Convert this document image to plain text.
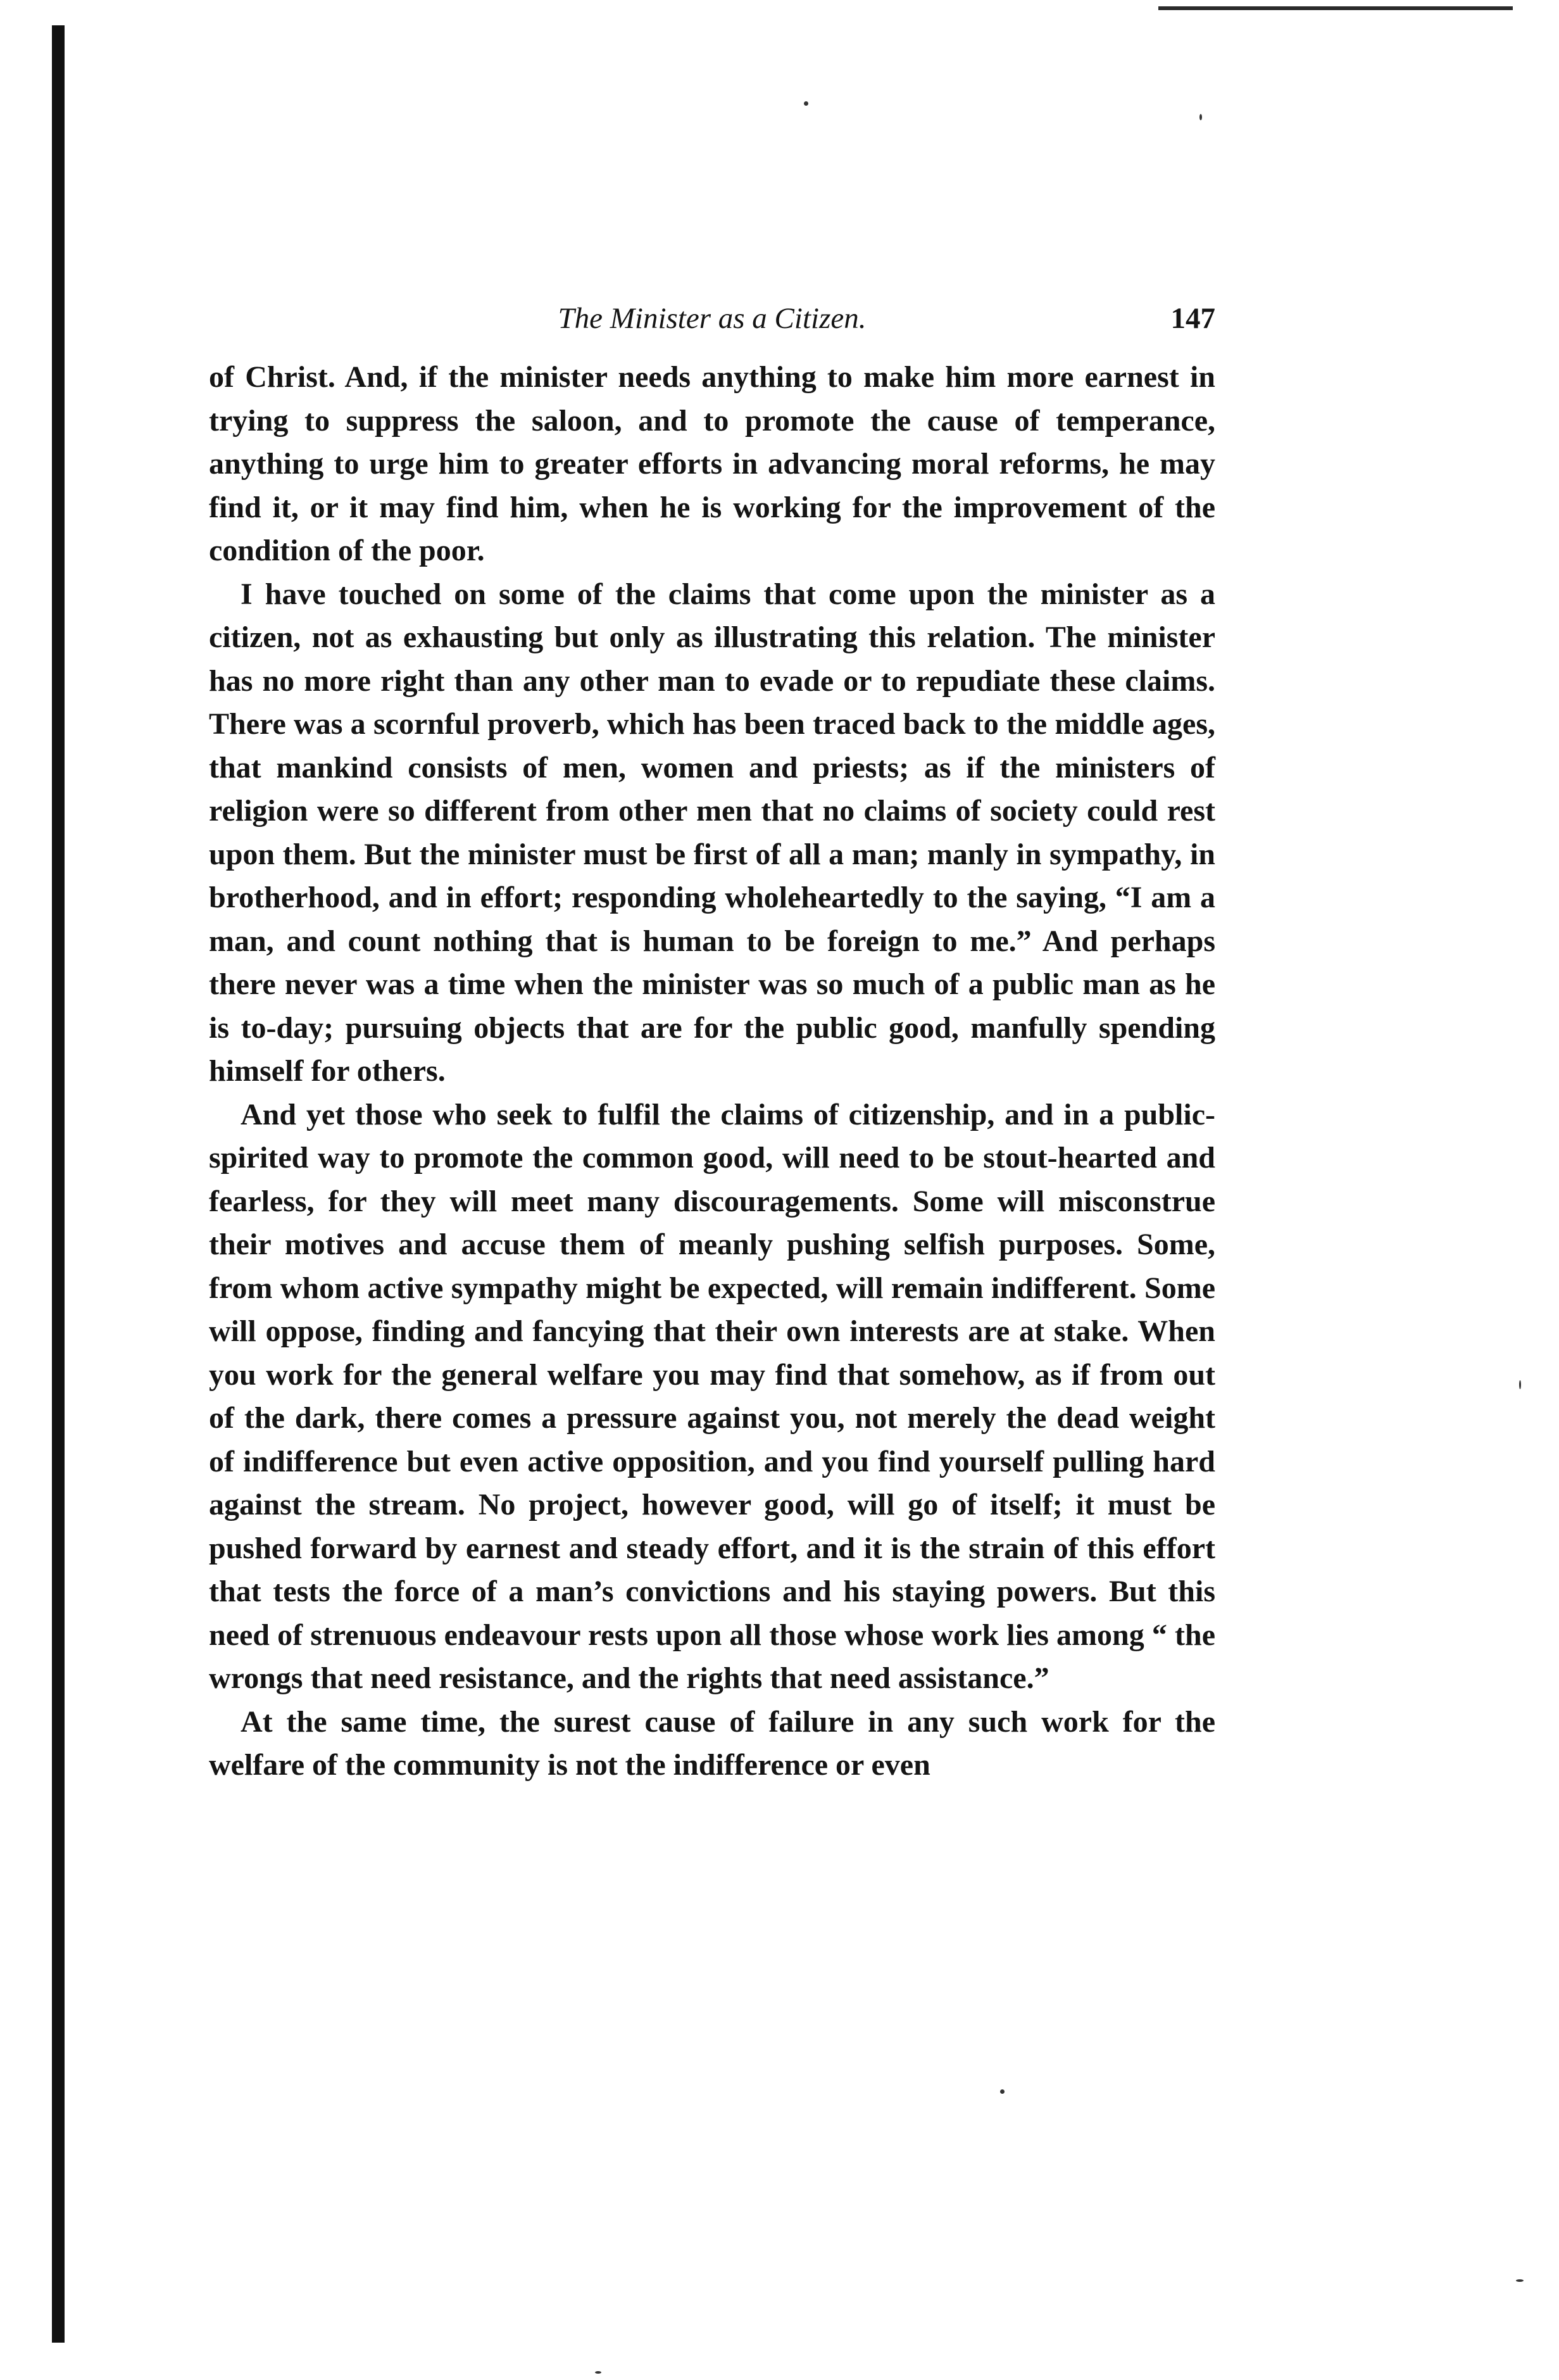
The Minister as a Citizen.	147

of Christ. And, if the minister needs anything to make him more earnest in trying to suppress the saloon, and to promote the cause of temperance, anything to urge him to greater efforts in advancing moral reforms, he may find it, or it may find him, when he is working for the improvement of the condition of the poor.

I have touched on some of the claims that come upon the minister as a citizen, not as exhausting but only as illustrating this relation. The minister has no more right than any other man to evade or to repudiate these claims. There was a scornful proverb, which has been traced back to the middle ages, that mankind consists of men, women and priests; as if the ministers of religion were so different from other men that no claims of society could rest upon them. But the minister must be first of all a man; manly in sympathy, in brotherhood, and in effort; responding wholeheartedly to the saying, “I am a man, and count nothing that is human to be foreign to me.” And perhaps there never was a time when the minister was so much of a public man as he is to-day; pursuing objects that are for the public good, manfully spending himself for others.

And yet those who seek to fulfil the claims of citizenship, and in a public-spirited way to promote the common good, will need to be stout-hearted and fearless, for they will meet many discouragements. Some will misconstrue their motives and accuse them of meanly pushing selfish purposes. Some, from whom active sympathy might be expected, will remain indifferent. Some will oppose, finding and fancying that their own interests are at stake. When you work for the general welfare you may find that somehow, as if from out of the dark, there comes a pressure against you, not merely the dead weight of indifference but even active opposition, and you find yourself pulling hard against the stream. No project, however good, will go of itself; it must be pushed forward by earnest and steady effort, and it is the strain of this effort that tests the force of a man’s convictions and his staying powers. But this need of strenuous endeavour rests upon all those whose work lies among “ the wrongs that need resistance, and the rights that need assistance.”

At the same time, the surest cause of failure in any such work for the welfare of the community is not the indifference or even
